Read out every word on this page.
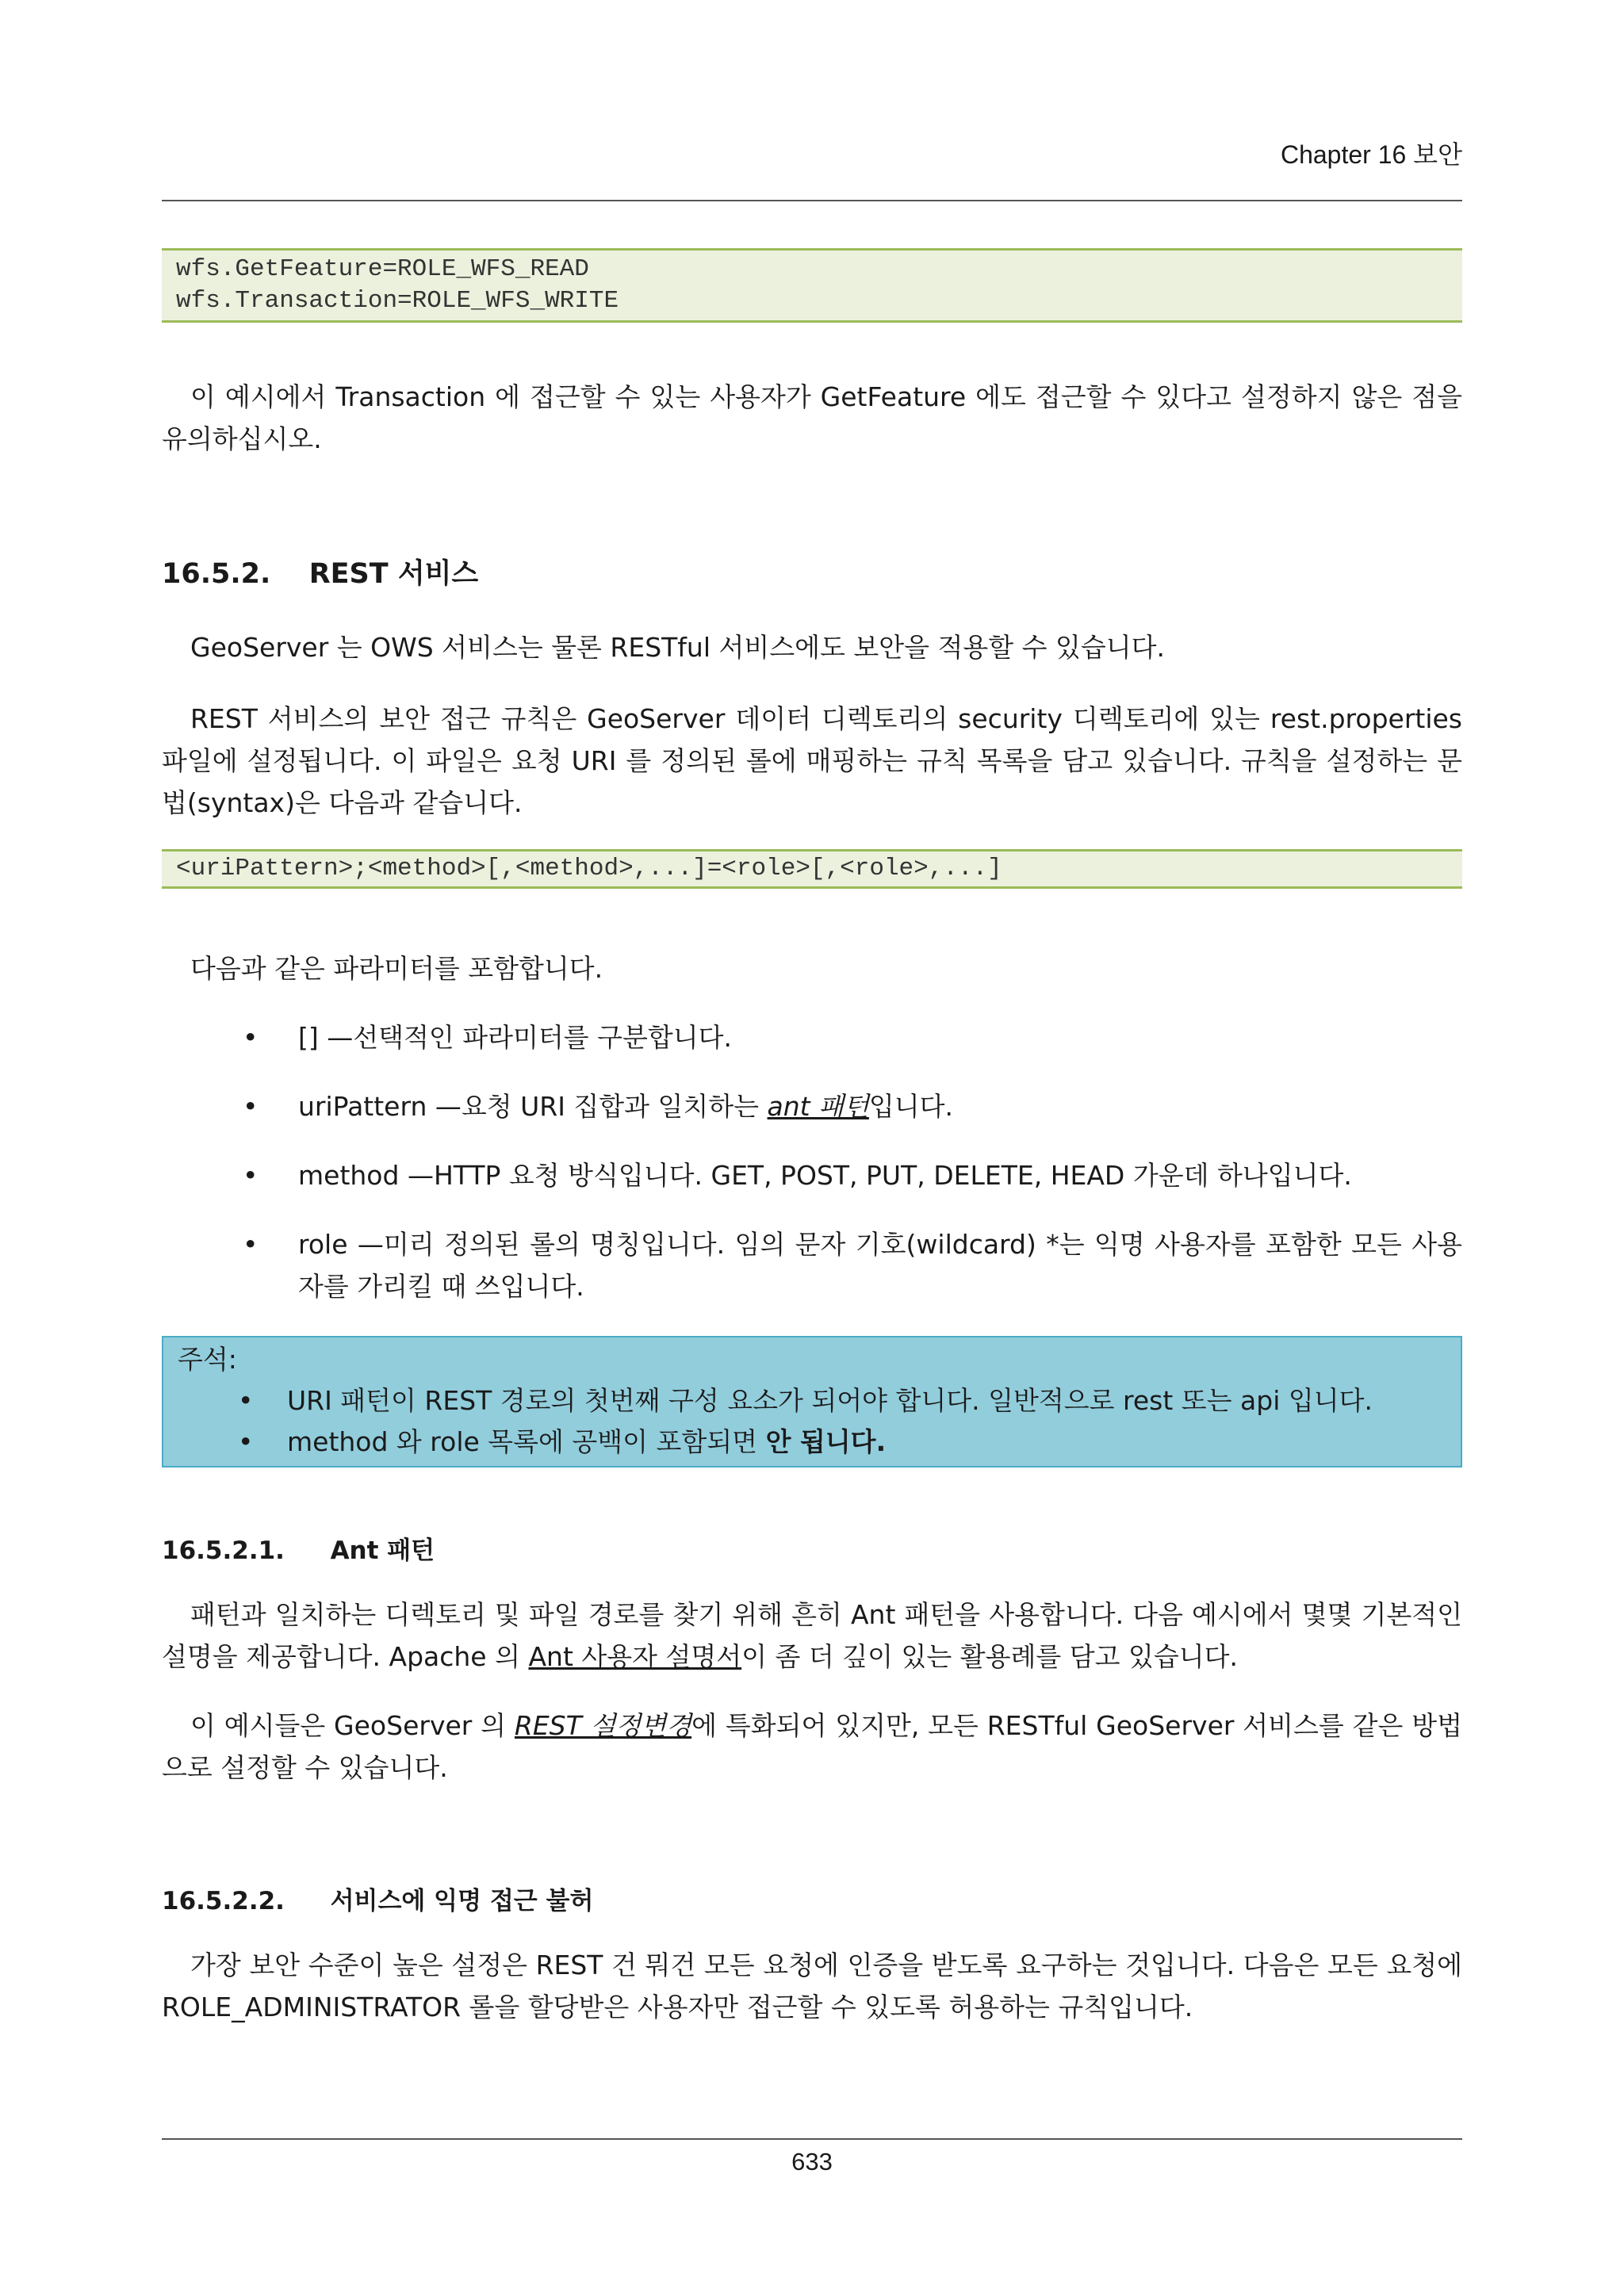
Chapter 16 보안
wfs.GetFeature=ROLE_WFS_READ
wfs.Transaction=ROLE_WFS_WRITE
이 예시에서 Transaction 에 접근할 수 있는 사용자가 GetFeature 에도 접근할 수 있다고 설정하지 않은 점을 유의하십시오.
16.5.2. REST 서비스
GeoServer 는 OWS 서비스는 물론 RESTful 서비스에도 보안을 적용할 수 있습니다.
REST 서비스의 보안 접근 규칙은 GeoServer 데이터 디렉토리의 security 디렉토리에 있는 rest.properties 파일에 설정됩니다. 이 파일은 요청 URI 를 정의된 롤에 매핑하는 규칙 목록을 담고 있습니다. 규칙을 설정하는 문법(syntax)은 다음과 같습니다.
<uriPattern>;<method>[,<method>,...]=<role>[,<role>,...]
다음과 같은 파라미터를 포함합니다.
• [] —선택적인 파라미터를 구분합니다.
• uriPattern —요청 URI 집합과 일치하는 ant 패턴입니다.
• method —HTTP 요청 방식입니다. GET, POST, PUT, DELETE, HEAD 가운데 하나입니다.
• role —미리 정의된 롤의 명칭입니다. 임의 문자 기호(wildcard) *는 익명 사용자를 포함한 모든 사용자를 가리킬 때 쓰입니다.
주석:
• URI 패턴이 REST 경로의 첫번째 구성 요소가 되어야 합니다. 일반적으로 rest 또는 api 입니다.
• method 와 role 목록에 공백이 포함되면 안 됩니다.
16.5.2.1. Ant 패턴
패턴과 일치하는 디렉토리 및 파일 경로를 찾기 위해 흔히 Ant 패턴을 사용합니다. 다음 예시에서 몇몇 기본적인 설명을 제공합니다. Apache 의 Ant 사용자 설명서이 좀 더 깊이 있는 활용례를 담고 있습니다.
이 예시들은 GeoServer 의 REST 설정변경에 특화되어 있지만, 모든 RESTful GeoServer 서비스를 같은 방법으로 설정할 수 있습니다.
16.5.2.2. 서비스에 익명 접근 불허
가장 보안 수준이 높은 설정은 REST 건 뭐건 모든 요청에 인증을 받도록 요구하는 것입니다. 다음은 모든 요청에 ROLE_ADMINISTRATOR 롤을 할당받은 사용자만 접근할 수 있도록 허용하는 규칙입니다.
633
